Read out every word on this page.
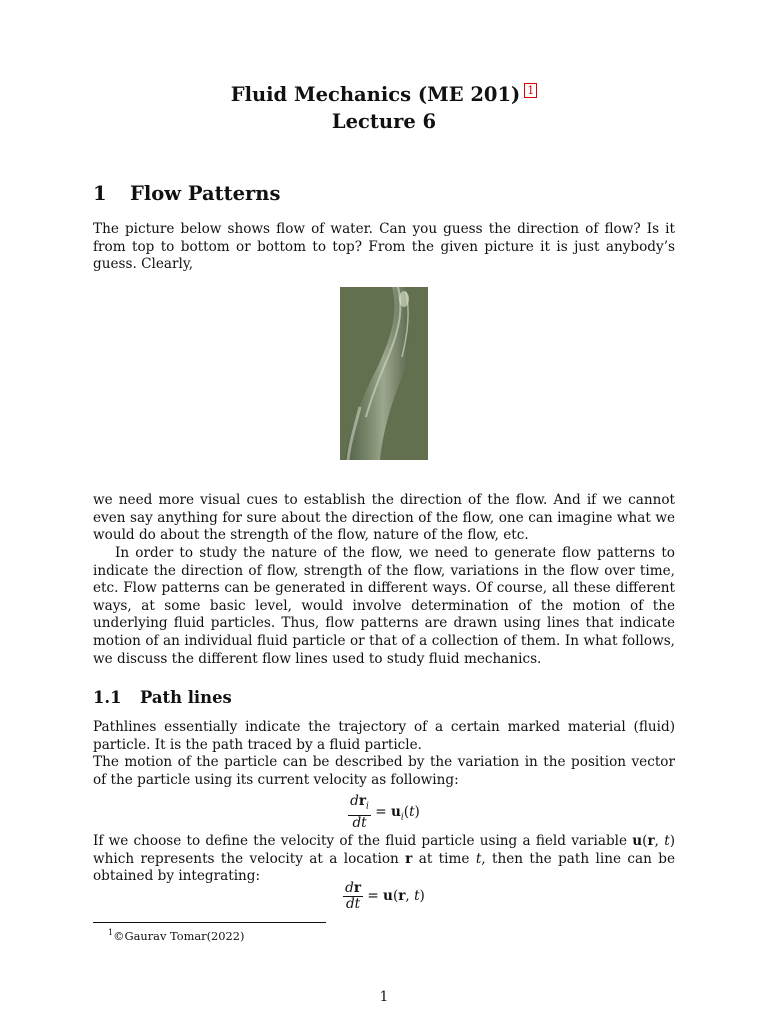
Fluid Mechanics (ME 201) 1
Lecture 6
1 Flow Patterns
The picture below shows flow of water. Can you guess the direction of flow? Is it from top to bottom or bottom to top? From the given picture it is just anybody’s guess. Clearly,
we need more visual cues to establish the direction of the flow. And if we cannot even say anything for sure about the direction of the flow, one can imagine what we would do about the strength of the flow, nature of the flow, etc.
In order to study the nature of the flow, we need to generate flow patterns to indicate the direction of flow, strength of the flow, variations in the flow over time, etc. Flow patterns can be generated in different ways. Of course, all these different ways, at some basic level, would involve determination of the motion of the underlying fluid particles. Thus, flow patterns are drawn using lines that indicate motion of an individual fluid particle or that of a collection of them. In what follows, we discuss the different flow lines used to study fluid mechanics.
1.1 Path lines
Pathlines essentially indicate the trajectory of a certain marked material (fluid) particle. It is the path traced by a fluid particle.
The motion of the particle can be described by the variation in the position vector of the particle using its current velocity as following:
$\frac{dr_i}{dt} = u_i(t)$
If we choose to define the velocity of the fluid particle using a field variable u(r, t) which represents the velocity at a location r at time t, then the path line can be obtained by integrating:
$\frac{dr}{dt} = u(r$, t)
$^1$©Gaurav Tomar(2022)
1
